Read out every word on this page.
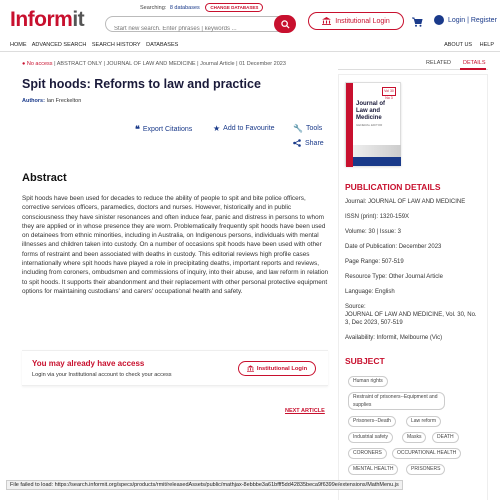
Informit	Searching: 8 databases CHANGE DATABASES
Start new search. Enter phrases | keywords ...
Institutional Login	Login | Register
HOME ADVANCED SEARCH SEARCH HISTORY DATABASES	ABOUT US HELP
● No access | ABSTRACT ONLY | JOURNAL OF LAW AND MEDICINE | Journal Article | 01 December 2023
Spit hoods: Reforms to law and practice
Authors: Ian Freckelton
❝ Export Citations	★ Add to Favourite 🔧 Tools
Share
Abstract
Spit hoods have been used for decades to reduce the ability of people to spit and bite police officers, corrective services officers, paramedics, doctors and nurses. However, historically and in public consciousness they have sinister resonances and often induce fear, panic and distress in persons to whom they are applied or in whose presence they are worn. Problematically frequently spit hoods have been used on detainees from ethnic minorities, including in Australia, on Indigenous persons, individuals with mental illnesses and children taken into custody. On a number of occasions spit hoods have been used with other forms of restraint and been associated with deaths in custody. This editorial reviews high profile cases internationally where spit hoods have played a role in precipitating deaths, important reports and reviews, including from coroners, ombudsmen and commissions of inquiry, into their abuse, and law reform in relation to spit hoods. It supports their abandonment and their replacement with other personal protective equipment options for maintaining custodians' and carers' occupational health and safety.
You may already have access
Login via your Institutional account to check your access
Institutional Login
NEXT ARTICLE
RELATED DETAILS
Vol 30 No 3
Journal of
Law and Medicine
GENERAL EDITOR
PUBLICATION DETAILS
Journal: JOURNAL OF LAW AND MEDICINE
ISSN (print): 1320-159X
Volume: 30 | Issue: 3
Date of Publication: December 2023
Page Range: 507-519
Resource Type: Other Journal Article
Language: English
Source:
JOURNAL OF LAW AND MEDICINE, Vol. 30, No. 3, Dec 2023, 507-519
Availability: Informit, Melbourne (Vic)
SUBJECT
Human rights
Restraint of prisoners--Equipment and supplies
Prisoners--Death	Law reform
Industrial safety	Masks	DEATH
CORONERS	OCCUPATIONAL HEALTH
MENTAL HEALTH	PRISONERS
File failed to load: https://search.informit.org/specs/products/rmit/releasedAssets/public/mathjax-8ebbbe3a61bfff5dd42835beca9f6399e/extensions/MathMenu.js
